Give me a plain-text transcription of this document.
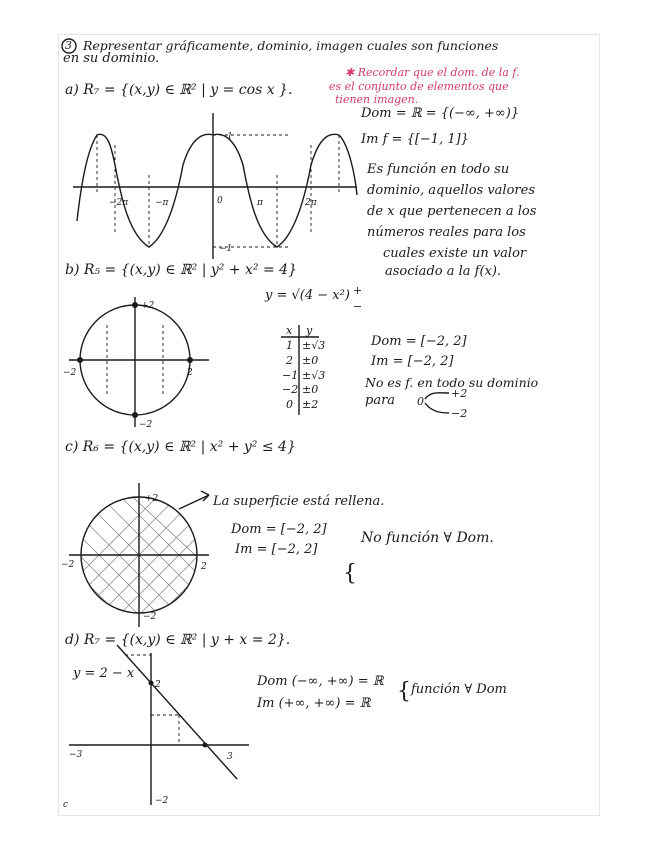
3 Representar gráficamente, dominio, imagen cuales son funciones
en su dominio.
a) R₇ = {(x,y) ∈ ℝ² | y = cos x }.
✱ Recordar que el dom. de la f.
es el conjunto de elementos que
tienen imagen.
Dom = ℝ = {(−∞, +∞)}
Im f = {[−1, 1]}
Es función en todo su
dominio, aquellos valores
de x que pertenecen a los
números reales para los
cuales existe un valor
asociado a la f(x).
−2π	−π	0	π	2π
1
−1
b) R₅ = {(x,y) ∈ ℝ² | y² + x² = 4}
y = √(4 − x²) +
−
x y
1 ±√3
2 ±0
−1 ±√3
−2 ±0
0 ±2
Dom = [−2, 2]
Im = [−2, 2]
No es f. en todo su dominio
para 0
+2
−2
+2
−2
−2	2
c) R₆ = {(x,y) ∈ ℝ² | x² + y² ≤ 4}
La superficie está rellena.
Dom = [−2, 2]
Im = [−2, 2]
{
No función ∀ Dom.
+2
−2
−2	2
d) R₇ = {(x,y) ∈ ℝ² | y + x = 2}.
y = 2 − x
Dom (−∞, +∞) = ℝ
Im (+∞, +∞) = ℝ { función ∀ Dom
2
−2
−3	3
c
